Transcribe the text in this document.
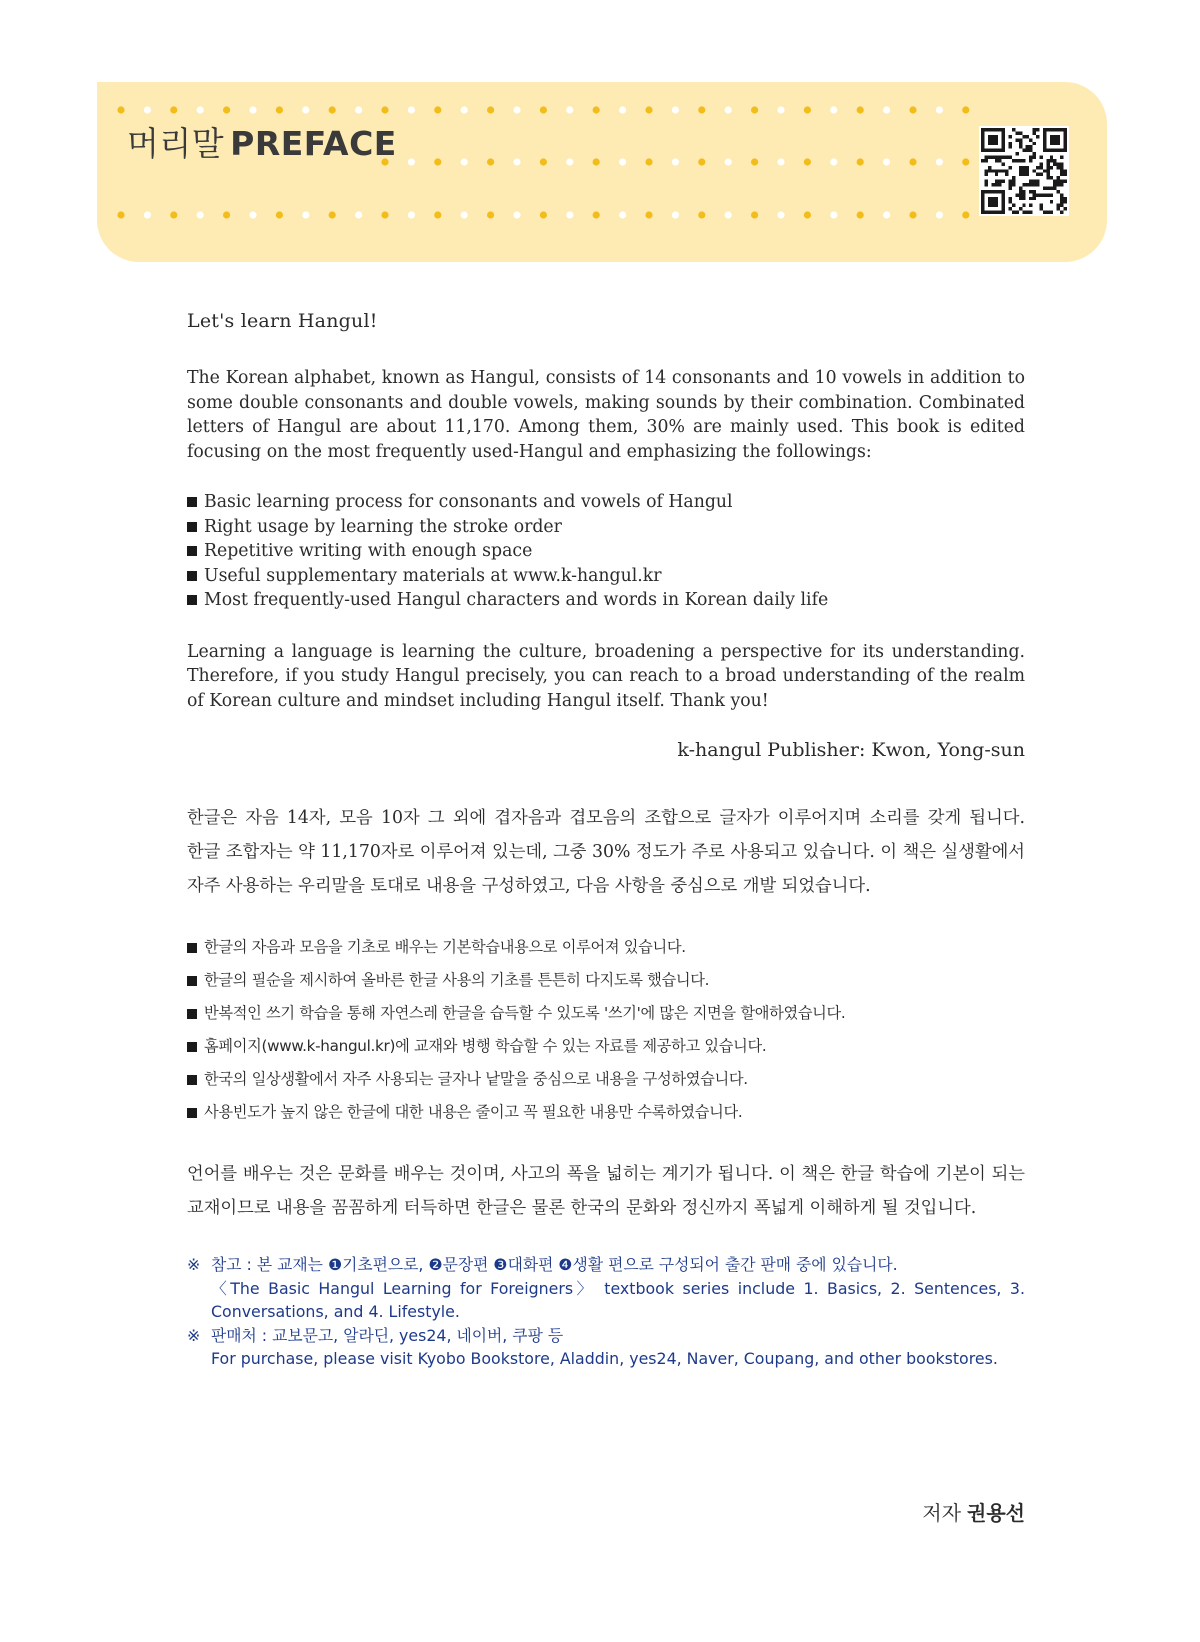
머리말 PREFACE

Let's learn Hangul!

The Korean alphabet, known as Hangul, consists of 14 consonants and 10 vowels in addition to some double consonants and double vowels, making sounds by their combination. Combinated letters of Hangul are about 11,170. Among them, 30% are mainly used. This book is edited focusing on the most frequently used-Hangul and emphasizing the followings:

Basic learning process for consonants and vowels of Hangul
Right usage by learning the stroke order
Repetitive writing with enough space
Useful supplementary materials at www.k-hangul.kr
Most frequently-used Hangul characters and words in Korean daily life

Learning a language is learning the culture, broadening a perspective for its understanding. Therefore, if you study Hangul precisely, you can reach to a broad understanding of the realm of Korean culture and mindset including Hangul itself. Thank you!

k-hangul Publisher: Kwon, Yong-sun

한글은 자음 14자, 모음 10자 그 외에 겹자음과 겹모음의 조합으로 글자가 이루어지며 소리를 갖게 됩니다. 한글 조합자는 약 11,170자로 이루어져 있는데, 그중 30% 정도가 주로 사용되고 있습니다. 이 책은 실생활에서 자주 사용하는 우리말을 토대로 내용을 구성하였고, 다음 사항을 중심으로 개발 되었습니다.

한글의 자음과 모음을 기초로 배우는 기본학습내용으로 이루어져 있습니다.
한글의 필순을 제시하여 올바른 한글 사용의 기초를 튼튼히 다지도록 했습니다.
반복적인 쓰기 학습을 통해 자연스레 한글을 습득할 수 있도록 '쓰기'에 많은 지면을 할애하였습니다.
홈페이지(www.k-hangul.kr)에 교재와 병행 학습할 수 있는 자료를 제공하고 있습니다.
한국의 일상생활에서 자주 사용되는 글자나 낱말을 중심으로 내용을 구성하였습니다.
사용빈도가 높지 않은 한글에 대한 내용은 줄이고 꼭 필요한 내용만 수록하였습니다.

언어를 배우는 것은 문화를 배우는 것이며, 사고의 폭을 넓히는 계기가 됩니다. 이 책은 한글 학습에 기본이 되는 교재이므로 내용을 꼼꼼하게 터득하면 한글은 물론 한국의 문화와 정신까지 폭넓게 이해하게 될 것입니다.

※ 참고 : 본 교재는 ❶기초편으로, ❷문장편 ❸대화편 ❹생활 편으로 구성되어 출간 판매 중에 있습니다.
〈The Basic Hangul Learning for Foreigners〉 textbook series include 1. Basics, 2. Sentences, 3. Conversations, and 4. Lifestyle.
※ 판매처 : 교보문고, 알라딘, yes24, 네이버, 쿠팡 등
For purchase, please visit Kyobo Bookstore, Aladdin, yes24, Naver, Coupang, and other bookstores.
저자 권용선
